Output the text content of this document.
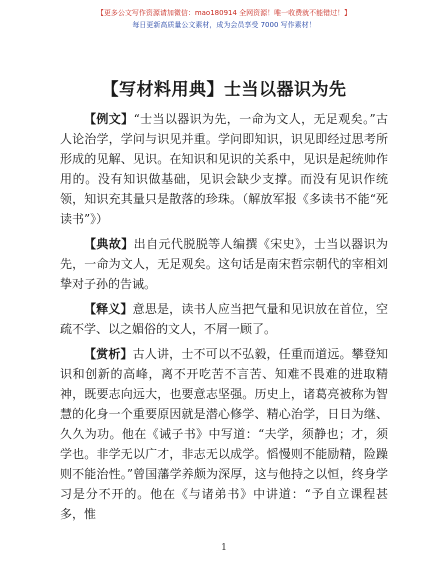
【更多公文写作资源请加微信：mao180914 全网资源！唯一收费就不能错过！】
每日更新高质量公文素材，成为会员享受 7000 写作素材！
【写材料用典】士当以器识为先

【例文】“士当以器识为先，一命为文人，无足观矣。”古人论治学，学问与识见并重。学问即知识，识见即经过思考所形成的见解、见识。在知识和见识的关系中，见识是起统帅作用的。没有知识做基础，见识会缺少支撑。而没有见识作统领，知识充其量只是散落的珍珠。（解放军报《多读书不能“死读书”》）

【典故】出自元代脱脱等人编撰《宋史》，士当以器识为先，一命为文人，无足观矣。这句话是南宋哲宗朝代的宰相刘挚对子孙的告诫。

【释义】意思是，读书人应当把气量和见识放在首位，空疏不学、以之媚俗的文人，不屑一顾了。

【赏析】古人讲，士不可以不弘毅，任重而道远。攀登知识和创新的高峰，离不开吃苦不言苦、知难不畏难的进取精神，既要志向远大，也要意志坚强。历史上，诸葛亮被称为智慧的化身一个重要原因就是潜心修学、精心治学，日日为继、久久为功。他在《诫子书》中写道：“夫学，须静也；才，须学也。非学无以广才，非志无以成学。慆慢则不能励精，险躁则不能治性。”曾国藩学养颇为深厚，这与他持之以恒，终身学习是分不开的。他在《与诸弟书》中讲道：“予自立课程甚多，惟

1
